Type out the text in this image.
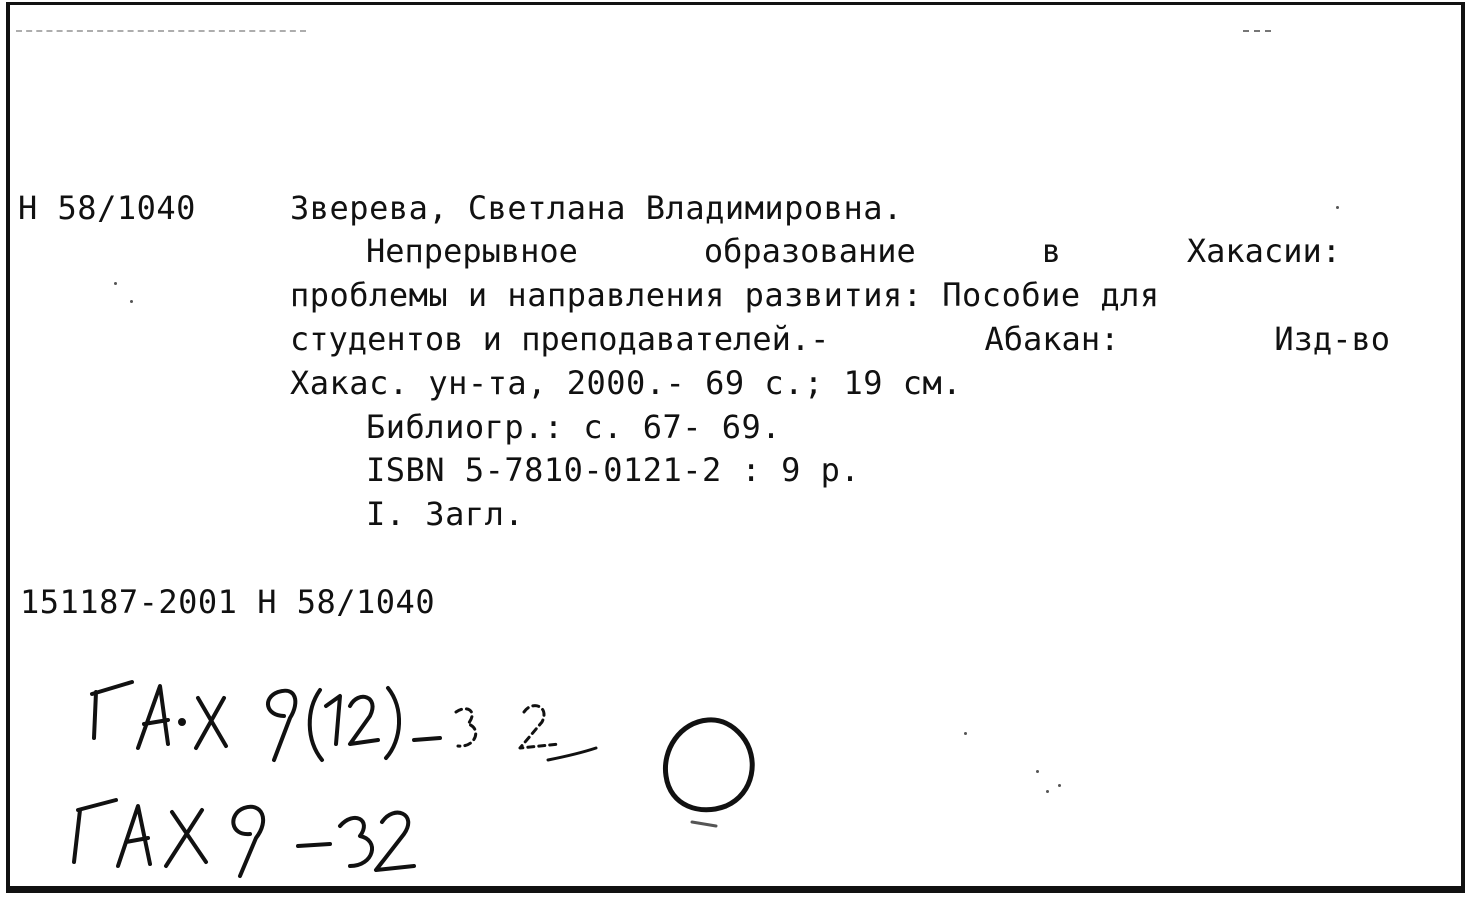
Н 58/1040	Зверева, Светлана Владимировна.
Непрерывное	образование	в	Хакасии:
проблемы и направления развития: Пособие для
студентов и преподавателей.-	Абакан:	Изд-во
Хакас. ун-та, 2000.- 69 с.; 19 см.
Библиогр.: с. 67- 69.
ISBN 5-7810-0121-2 : 9 р.
I. Загл.
151187-2001 Н 58/1040
